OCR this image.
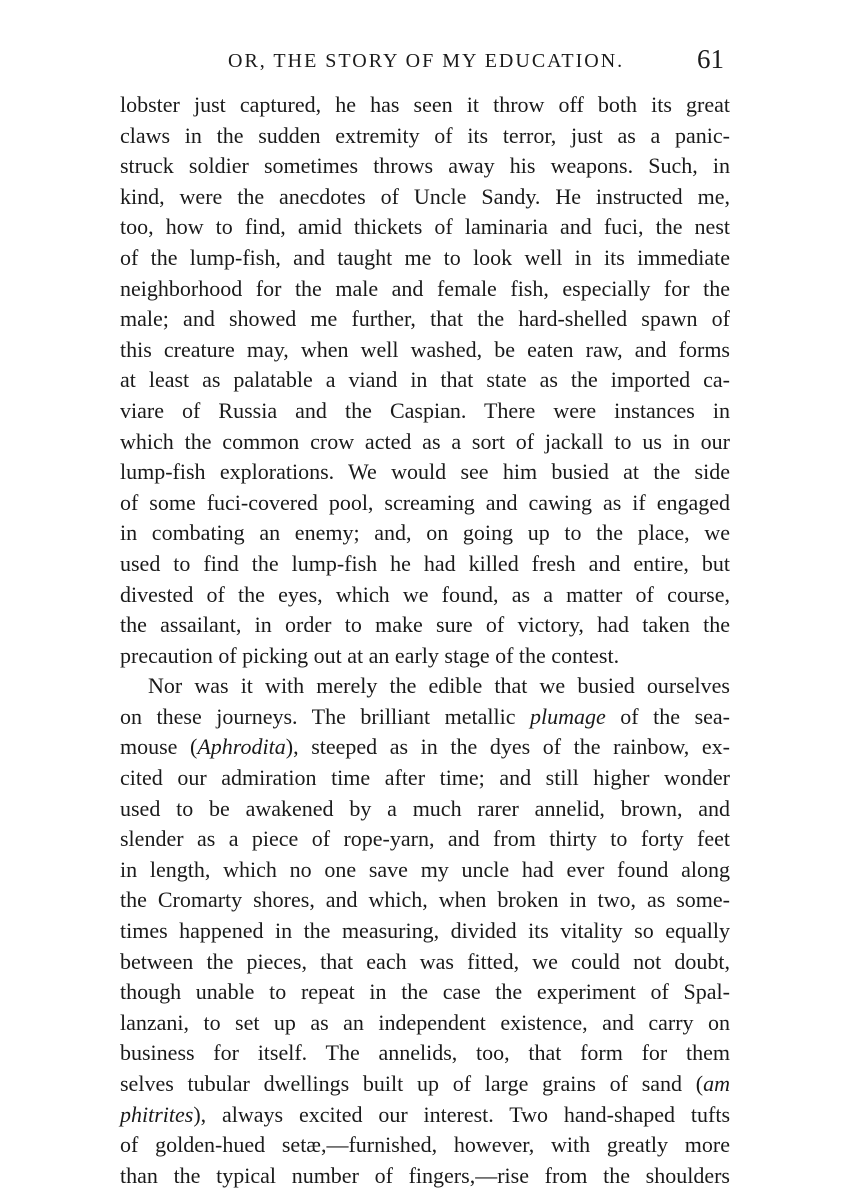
OR, THE STORY OF MY EDUCATION.	61
lobster just captured, he has seen it throw off both its great
claws in the sudden extremity of its terror, just as a panic-
struck soldier sometimes throws away his weapons. Such, in
kind, were the anecdotes of Uncle Sandy. He instructed me,
too, how to find, amid thickets of laminaria and fuci, the nest
of the lump-fish, and taught me to look well in its immediate
neighborhood for the male and female fish, especially for the
male; and showed me further, that the hard-shelled spawn of
this creature may, when well washed, be eaten raw, and forms
at least as palatable a viand in that state as the imported ca-
viare of Russia and the Caspian. There were instances in
which the common crow acted as a sort of jackall to us in our
lump-fish explorations. We would see him busied at the side
of some fuci-covered pool, screaming and cawing as if engaged
in combating an enemy; and, on going up to the place, we
used to find the lump-fish he had killed fresh and entire, but
divested of the eyes, which we found, as a matter of course,
the assailant, in order to make sure of victory, had taken the
precaution of picking out at an early stage of the contest.
Nor was it with merely the edible that we busied ourselves
on these journeys. The brilliant metallic plumage of the sea-
mouse (Aphrodita), steeped as in the dyes of the rainbow, ex-
cited our admiration time after time; and still higher wonder
used to be awakened by a much rarer annelid, brown, and
slender as a piece of rope-yarn, and from thirty to forty feet
in length, which no one save my uncle had ever found along
the Cromarty shores, and which, when broken in two, as some-
times happened in the measuring, divided its vitality so equally
between the pieces, that each was fitted, we could not doubt,
though unable to repeat in the case the experiment of Spal-
lanzani, to set up as an independent existence, and carry on
business for itself. The annelids, too, that form for them
selves tubular dwellings built up of large grains of sand (am
phitrites), always excited our interest. Two hand-shaped tufts
of golden-hued setæ,—furnished, however, with greatly more
than the typical number of fingers,—rise from the shoulders
